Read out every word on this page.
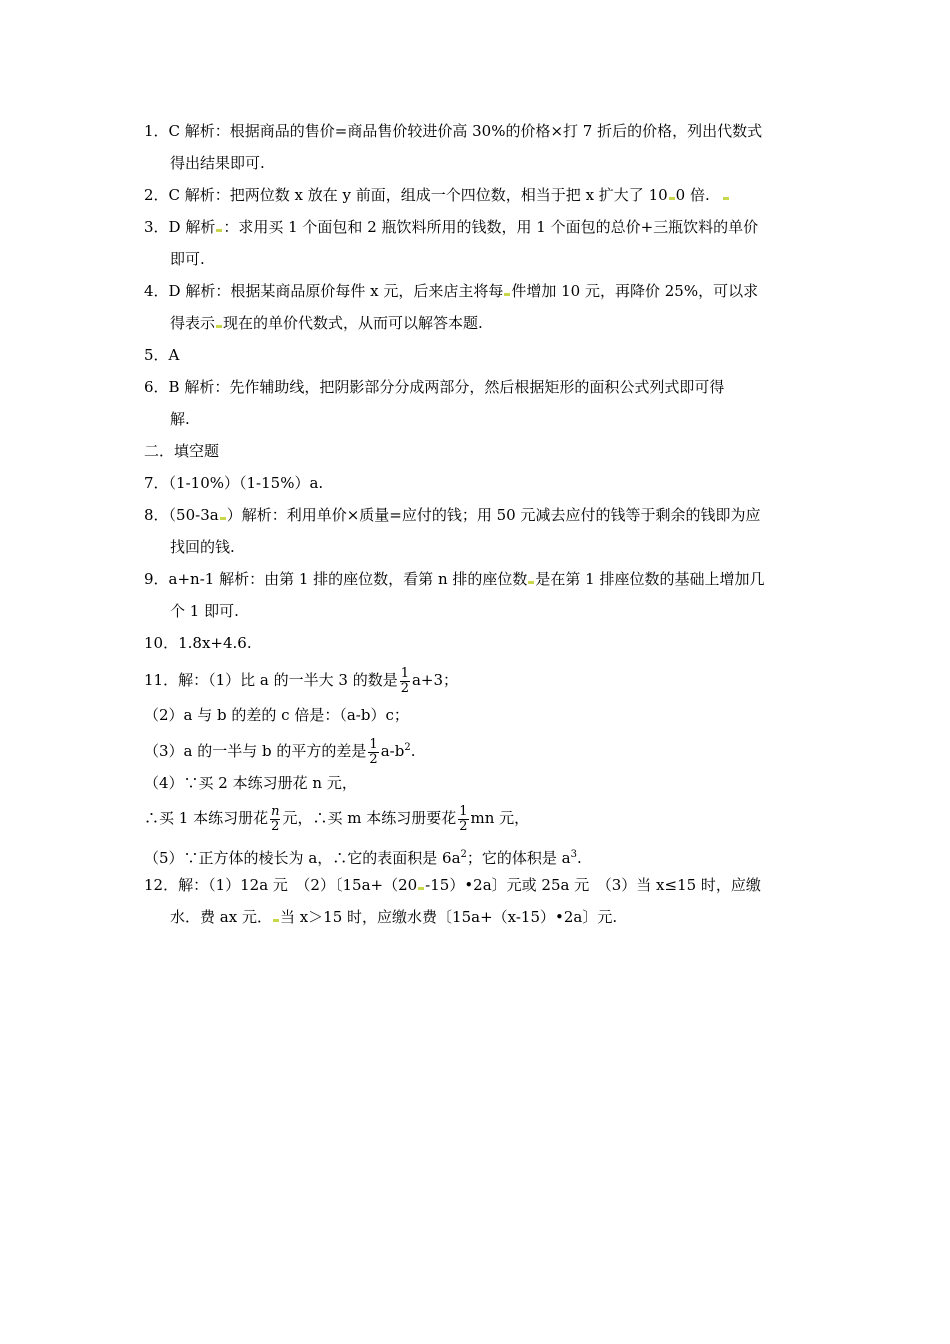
1．C 解析：根据商品的售价=商品售价较进价高 30%的价格×打 7 折后的价格，列出代数式
得出结果即可.
2．C 解析：把两位数 x 放在 y 前面，组成一个四位数，相当于把 x 扩大了 10 0 倍.
3．D 解析 ：求用买 1 个面包和 2 瓶饮料所用的钱数，用 1 个面包的总价+三瓶饮料的单价
即可.
4．D 解析：根据某商品原价每件 x 元，后来店主将每 件增加 10 元，再降价 25%，可以求
得表示 现在的单价代数式，从而可以解答本题.
5．A
6．B 解析：先作辅助线，把阴影部分分成两部分，然后根据矩形的面积公式列式即可得
解.
二．填空题
7．（1-10%）（1-15%）a.
8．（50-3a ）解析：利用单价×质量=应付的钱；用 50 元减去应付的钱等于剩余的钱即为应
找回的钱.
9．a+n-1 解析：由第 1 排的座位数，看第 n 排的座位数 是在第 1 排座位数的基础上增加几
个 1 即可.
10．1.8x+4.6.
11．解：（1）比 a 的一半大 3 的数是 $\frac{1}{2} a+3$；
（2）a 与 b 的差的 c 倍是：（a-b）c；
（3）a 的一半与 b 的平方的差是 $\frac{1}{2} a-b^2$.
（4）∵买 2 本练习册花 n 元，
∴买 1 本练习册花 $\frac{n}{2}$ 元，∴买 m 本练习册要花 $\frac{1}{2}$ mn 元，
（5）∵正方体的棱长为 a，∴它的表面积是 $6a^2$；它的体积是 $a^3$.
12．解：（1）12a 元　（2）〔15a+（20 -15）•2a〕元或 25a 元　（3）当 x≤15 时，应缴
水．费 ax 元． 当 x＞15 时，应缴水费〔15a+（x-15）•2a〕元.
